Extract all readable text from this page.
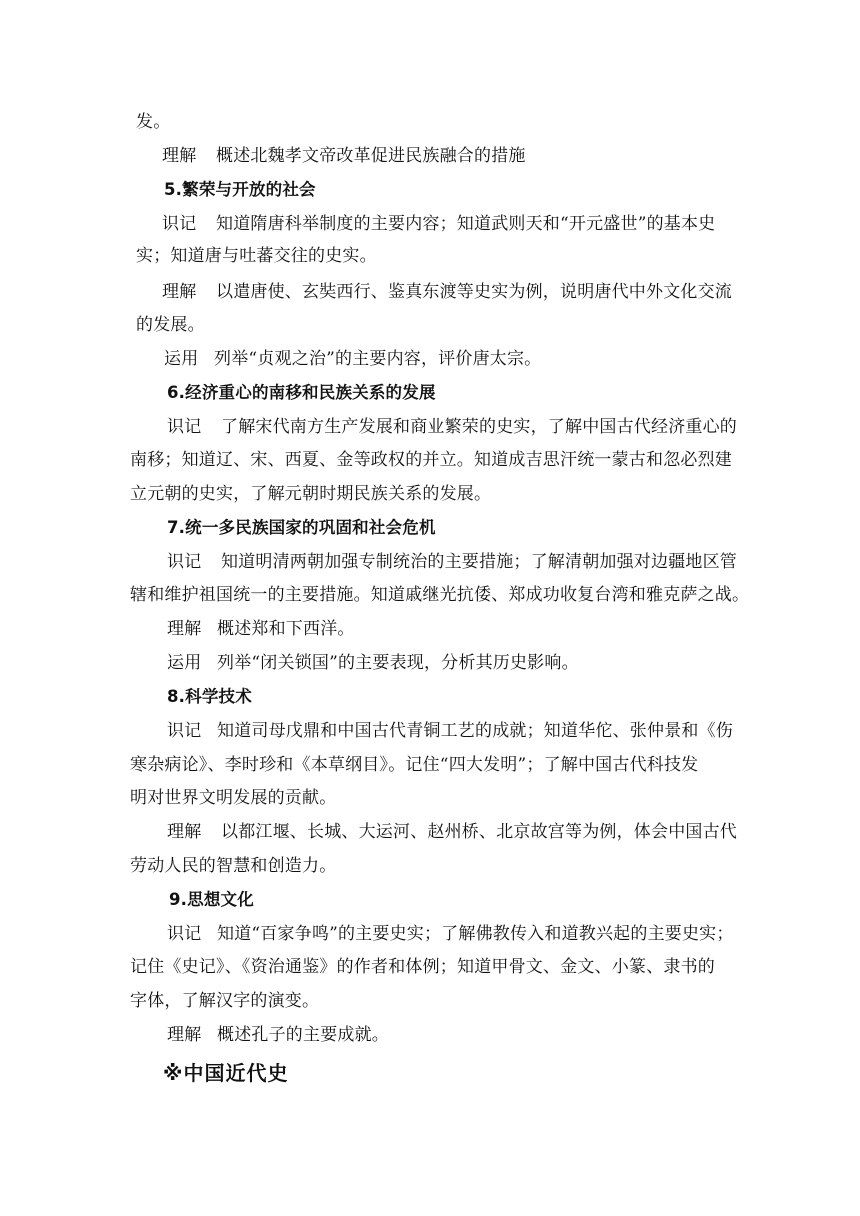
发。

理解 概述北魏孝文帝改革促进民族融合的措施

5.繁荣与开放的社会

识记 知道隋唐科举制度的主要内容；知道武则天和“开元盛世”的基本史

实；知道唐与吐蕃交往的史实。

理解 以遣唐使、玄奘西行、鉴真东渡等史实为例，说明唐代中外文化交流

的发展。

运用 列举“贞观之治”的主要内容，评价唐太宗。

6.经济重心的南移和民族关系的发展

识记 了解宋代南方生产发展和商业繁荣的史实，了解中国古代经济重心的

南移；知道辽、宋、西夏、金等政权的并立。知道成吉思汗统一蒙古和忽必烈建

立元朝的史实，了解元朝时期民族关系的发展。

7.统一多民族国家的巩固和社会危机

识记 知道明清两朝加强专制统治的主要措施；了解清朝加强对边疆地区管

辖和维护祖国统一的主要措施。知道戚继光抗倭、郑成功收复台湾和雅克萨之战。

理解 概述郑和下西洋。

运用 列举“闭关锁国”的主要表现，分析其历史影响。

8.科学技术

识记 知道司母戊鼎和中国古代青铜工艺的成就；知道华佗、张仲景和《伤

寒杂病论》、李时珍和《本草纲目》。记住“四大发明”；了解中国古代科技发

明对世界文明发展的贡献。

理解 以都江堰、长城、大运河、赵州桥、北京故宫等为例，体会中国古代

劳动人民的智慧和创造力。

9.思想文化

识记 知道“百家争鸣”的主要史实；了解佛教传入和道教兴起的主要史实；

记住《史记》、《资治通鉴》的作者和体例；知道甲骨文、金文、小篆、隶书的

字体，了解汉字的演变。

理解 概述孔子的主要成就。

※中国近代史
